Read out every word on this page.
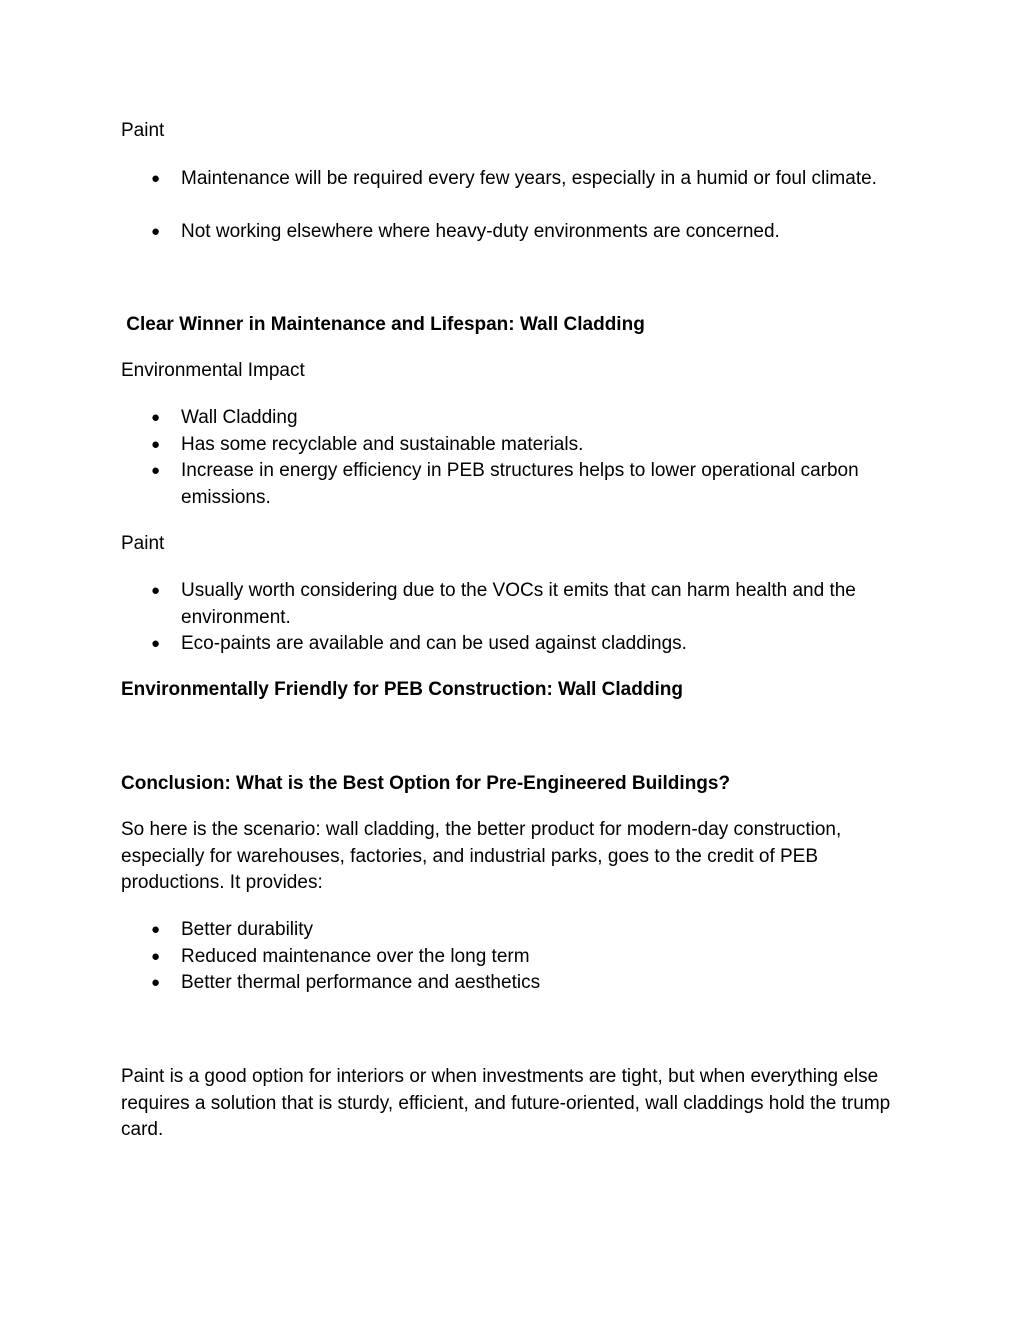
Paint
● Maintenance will be required every few years, especially in a humid or foul climate.
● Not working elsewhere where heavy-duty environments are concerned.
Clear Winner in Maintenance and Lifespan: Wall Cladding
Environmental Impact
● Wall Cladding
● Has some recyclable and sustainable materials.
● Increase in energy efficiency in PEB structures helps to lower operational carbon emissions.
Paint
● Usually worth considering due to the VOCs it emits that can harm health and the environment.
● Eco-paints are available and can be used against claddings.
Environmentally Friendly for PEB Construction: Wall Cladding
Conclusion: What is the Best Option for Pre-Engineered Buildings?
So here is the scenario: wall cladding, the better product for modern-day construction, especially for warehouses, factories, and industrial parks, goes to the credit of PEB productions. It provides:
● Better durability
● Reduced maintenance over the long term
● Better thermal performance and aesthetics
Paint is a good option for interiors or when investments are tight, but when everything else requires a solution that is sturdy, efficient, and future-oriented, wall claddings hold the trump card.
